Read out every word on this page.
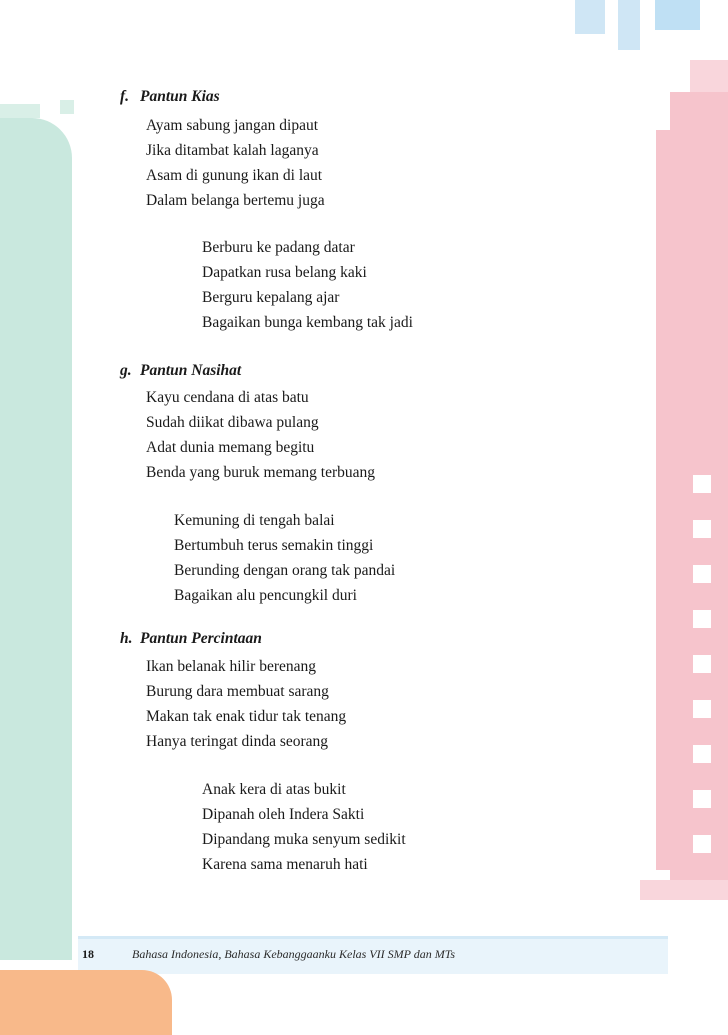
f. Pantun Kias
Ayam sabung jangan dipaut
Jika ditambat kalah laganya
Asam di gunung ikan di laut
Dalam belanga bertemu juga
Berburu ke padang datar
Dapatkan rusa belang kaki
Berguru kepalang ajar
Bagaikan bunga kembang tak jadi
g. Pantun Nasihat
Kayu cendana di atas batu
Sudah diikat dibawa pulang
Adat dunia memang begitu
Benda yang buruk memang terbuang
Kemuning di tengah balai
Bertumbuh terus semakin tinggi
Berunding dengan orang tak pandai
Bagaikan alu pencungkil duri
h. Pantun Percintaan
Ikan belanak hilir berenang
Burung dara membuat sarang
Makan tak enak tidur tak tenang
Hanya teringat dinda seorang
Anak kera di atas bukit
Dipanah oleh Indera Sakti
Dipandang muka senyum sedikit
Karena sama menaruh hati
18	Bahasa Indonesia, Bahasa Kebanggaanku Kelas VII SMP dan MTs
